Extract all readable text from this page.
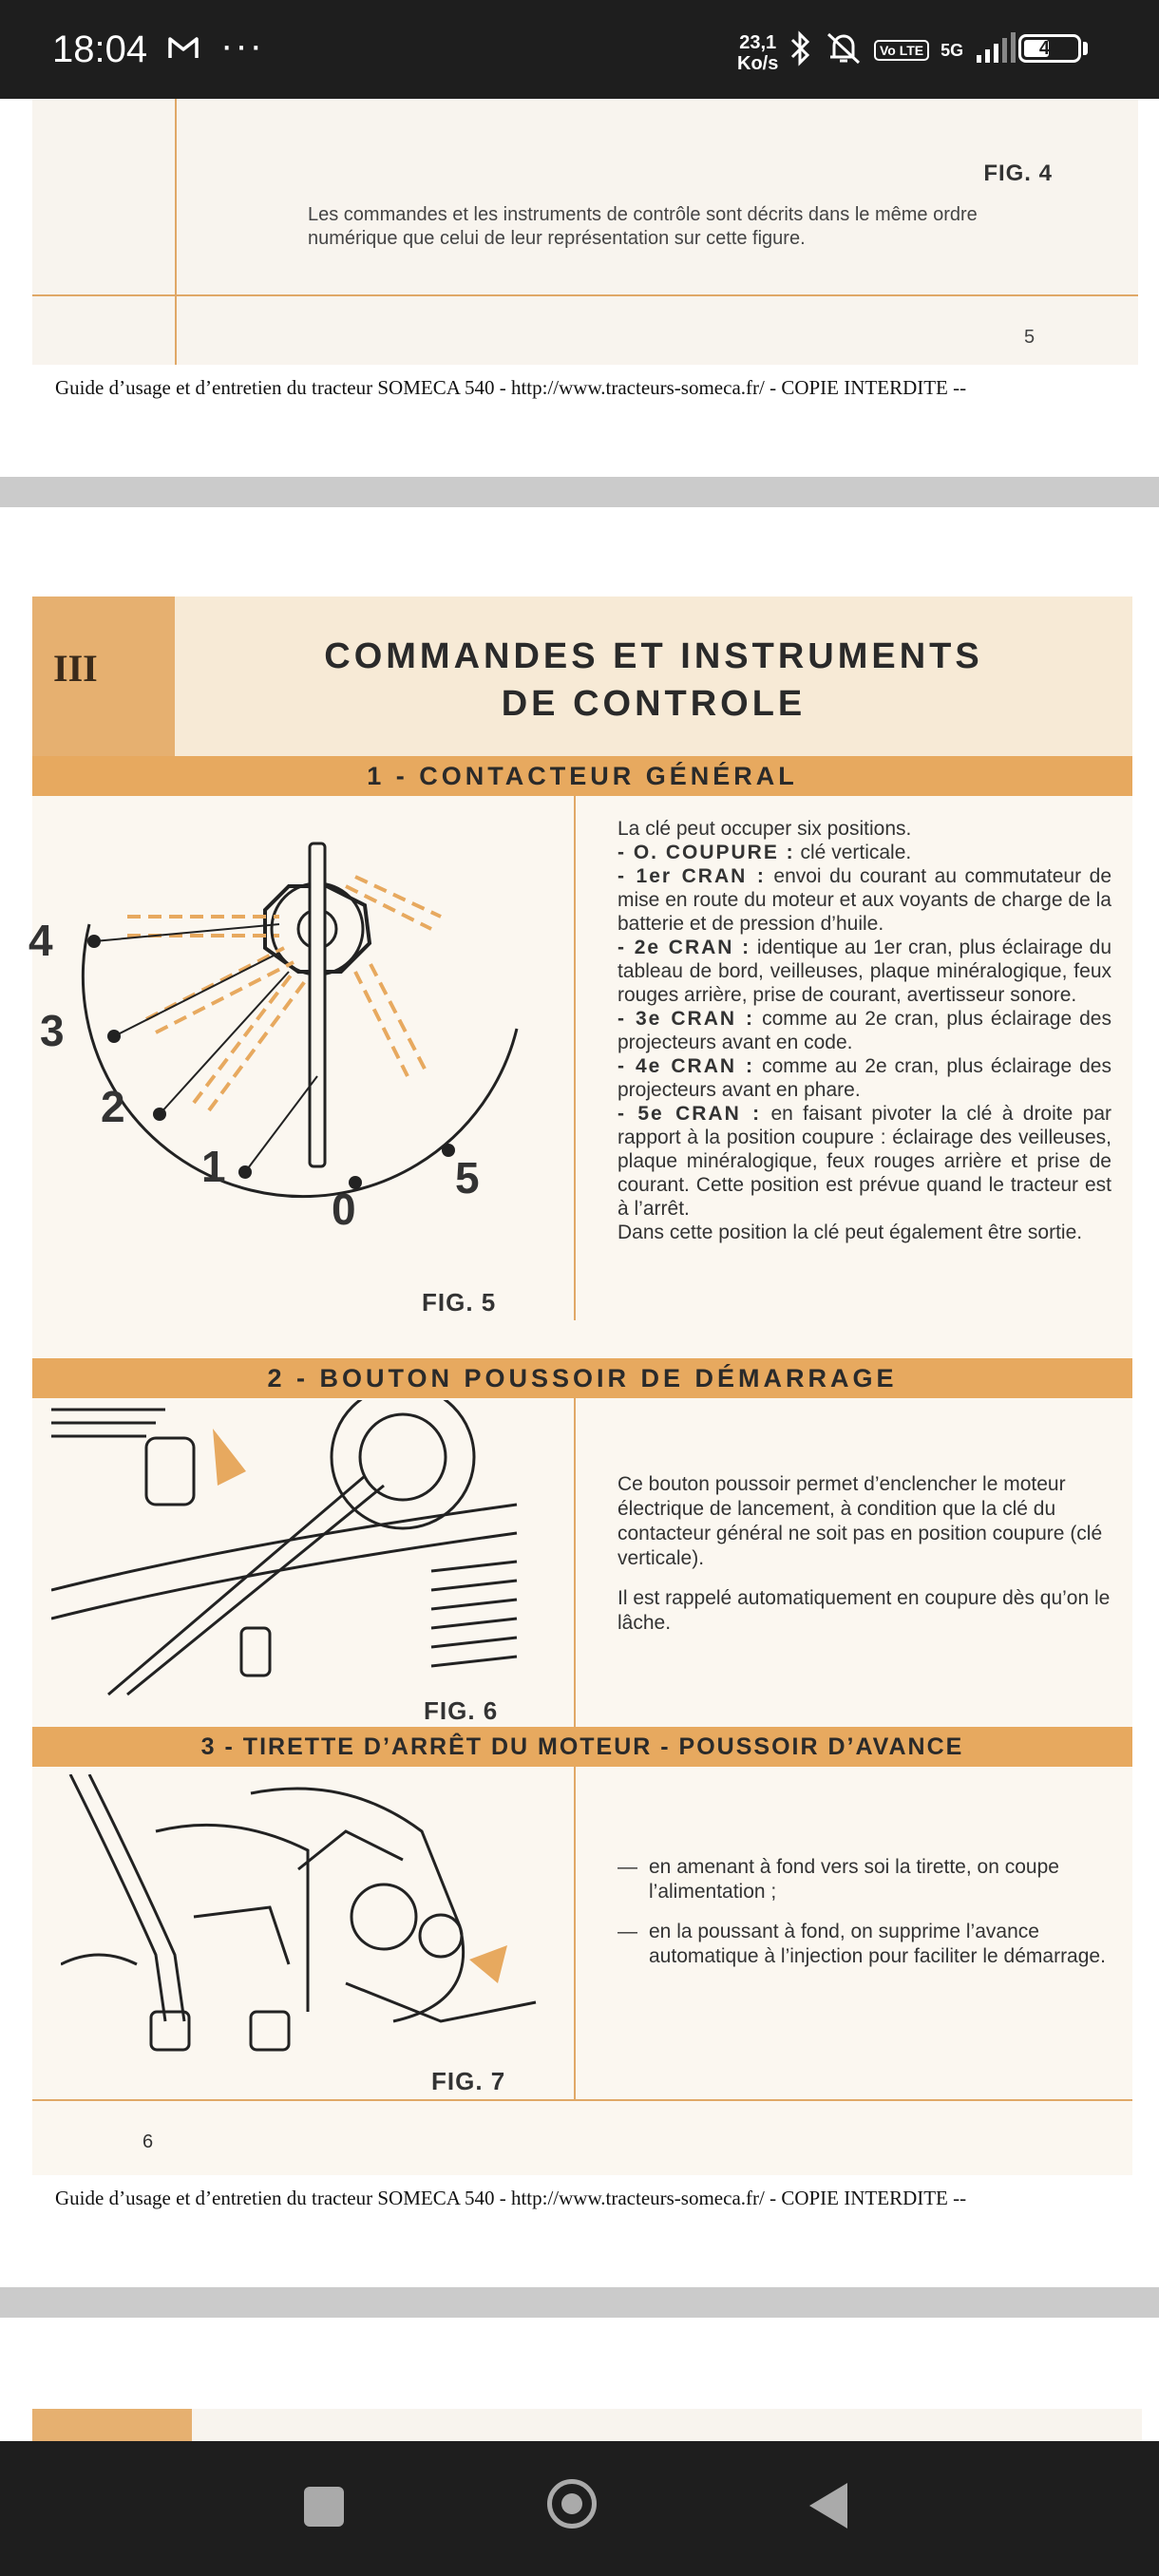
18:04 ···	23,1
Ko/s
Vo LTE	5G	44
FIG. 4
Les commandes et les instruments de contrôle sont décrits dans le même ordre numérique que celui de leur représentation sur cette figure.
5
Guide d’usage et d’entretien du tracteur SOMECA 540 - http://www.tracteurs-someca.fr/ - COPIE INTERDITE --
III	COMMANDES ET INSTRUMENTS
DE CONTROLE
1 - CONTACTEUR GÉNÉRAL
4
3
2
1
0
5
FIG. 5
La clé peut occuper six positions.
- O. COUPURE : clé verticale.
- 1er CRAN : envoi du courant au commutateur de mise en route du moteur et aux voyants de charge de la batterie et de pression d’huile.
- 2e CRAN : identique au 1er cran, plus éclairage du tableau de bord, veilleuses, plaque minéralogique, feux rouges arrière, prise de courant, avertisseur sonore.
- 3e CRAN : comme au 2e cran, plus éclairage des projecteurs avant en code.
- 4e CRAN : comme au 2e cran, plus éclairage des projecteurs avant en phare.
- 5e CRAN : en faisant pivoter la clé à droite par rapport à la position coupure : éclairage des veilleuses, plaque minéralogique, feux rouges arrière et prise de courant. Cette position est prévue quand le tracteur est à l’arrêt.
Dans cette position la clé peut également être sortie.
2 - BOUTON POUSSOIR DE DÉMARRAGE
FIG. 6
Ce bouton poussoir permet d’enclencher le moteur électrique de lancement, à condition que la clé du contacteur général ne soit pas en position coupure (clé verticale).
Il est rappelé automatiquement en coupure dès qu’on le lâche.
3 - TIRETTE D’ARRÊT DU MOTEUR - POUSSOIR D’AVANCE
FIG. 7
— en amenant à fond vers soi la tirette, on coupe l’alimentation ;
— en la poussant à fond, on supprime l’avance automatique à l’injection pour faciliter le démarrage.
6
Guide d’usage et d’entretien du tracteur SOMECA 540 - http://www.tracteurs-someca.fr/ - COPIE INTERDITE --
